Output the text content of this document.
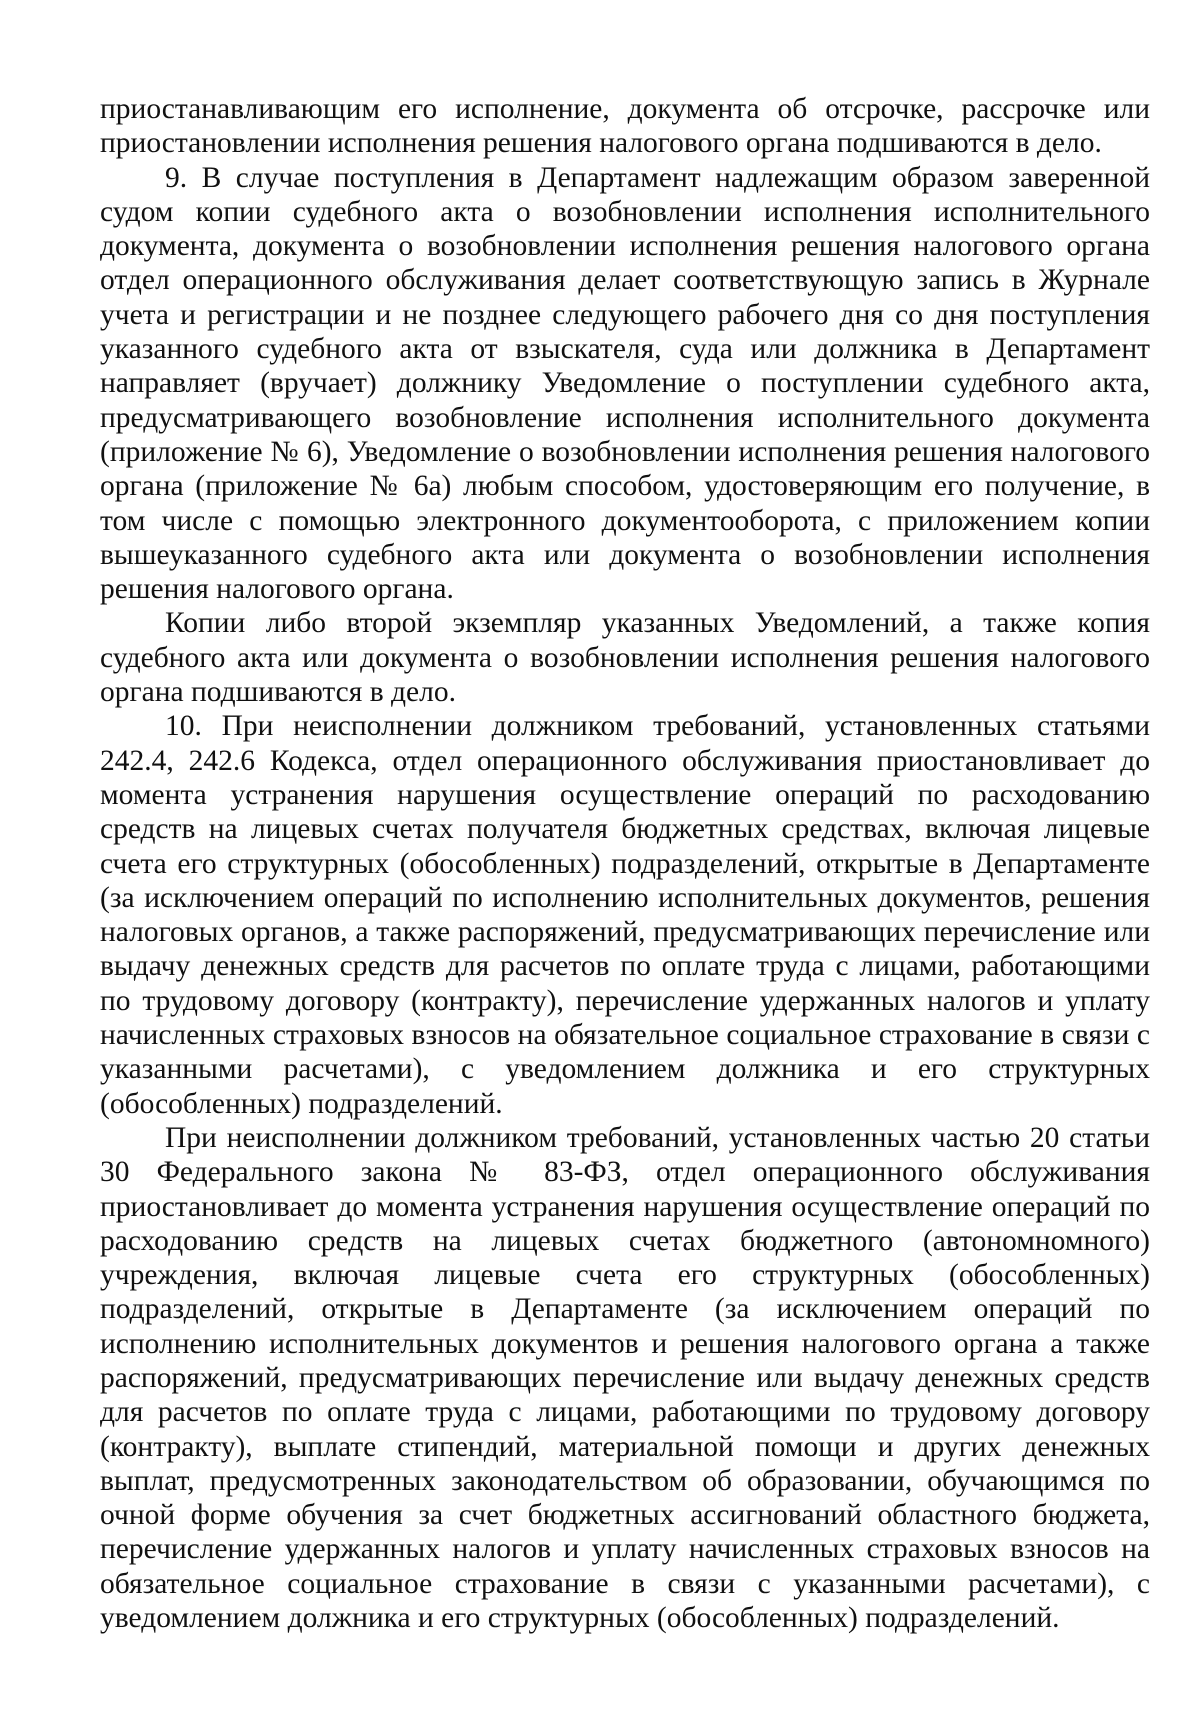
приостанавливающим его исполнение, документа об отсрочке, рассрочке или приостановлении исполнения решения налогового органа подшиваются в дело.

9. В случае поступления в Департамент надлежащим образом заверенной судом копии судебного акта о возобновлении исполнения исполнительного документа, документа о возобновлении исполнения решения налогового органа отдел операционного обслуживания делает соответствующую запись в Журнале учета и регистрации и не позднее следующего рабочего дня со дня поступления указанного судебного акта от взыскателя, суда или должника в Департамент направляет (вручает) должнику Уведомление о поступлении судебного акта, предусматривающего возобновление исполнения исполнительного документа (приложение № 6), Уведомление о возобновлении исполнения решения налогового органа (приложение № 6а) любым способом, удостоверяющим его получение, в том числе с помощью электронного документооборота, с приложением копии вышеуказанного судебного акта или документа о возобновлении исполнения решения налогового органа.

Копии либо второй экземпляр указанных Уведомлений, а также копия судебного акта или документа о возобновлении исполнения решения налогового органа подшиваются в дело.

10. При неисполнении должником требований, установленных статьями 242.4, 242.6 Кодекса, отдел операционного обслуживания приостановливает до момента устранения нарушения осуществление операций по расходованию средств на лицевых счетах получателя бюджетных средствах, включая лицевые счета его структурных (обособленных) подразделений, открытые в Департаменте (за исключением операций по исполнению исполнительных документов, решения налоговых органов, а также распоряжений, предусматривающих перечисление или выдачу денежных средств для расчетов по оплате труда с лицами, работающими по трудовому договору (контракту), перечисление удержанных налогов и уплату начисленных страховых взносов на обязательное социальное страхование в связи с указанными расчетами), с уведомлением должника и его структурных (обособленных) подразделений.

При неисполнении должником требований, установленных частью 20 статьи 30 Федерального закона № 83-ФЗ, отдел операционного обслуживания приостановливает до момента устранения нарушения осуществление операций по расходованию средств на лицевых счетах бюджетного (автономномного) учреждения, включая лицевые счета его структурных (обособленных) подразделений, открытые в Департаменте (за исключением операций по исполнению исполнительных документов и решения налогового органа а также распоряжений, предусматривающих перечисление или выдачу денежных средств для расчетов по оплате труда с лицами, работающими по трудовому договору (контракту), выплате стипендий, материальной помощи и других денежных выплат, предусмотренных законодательством об образовании, обучающимся по очной форме обучения за счет бюджетных ассигнований областного бюджета, перечисление удержанных налогов и уплату начисленных страховых взносов на обязательное социальное страхование в связи с указанными расчетами), с уведомлением должника и его структурных (обособленных) подразделений.
